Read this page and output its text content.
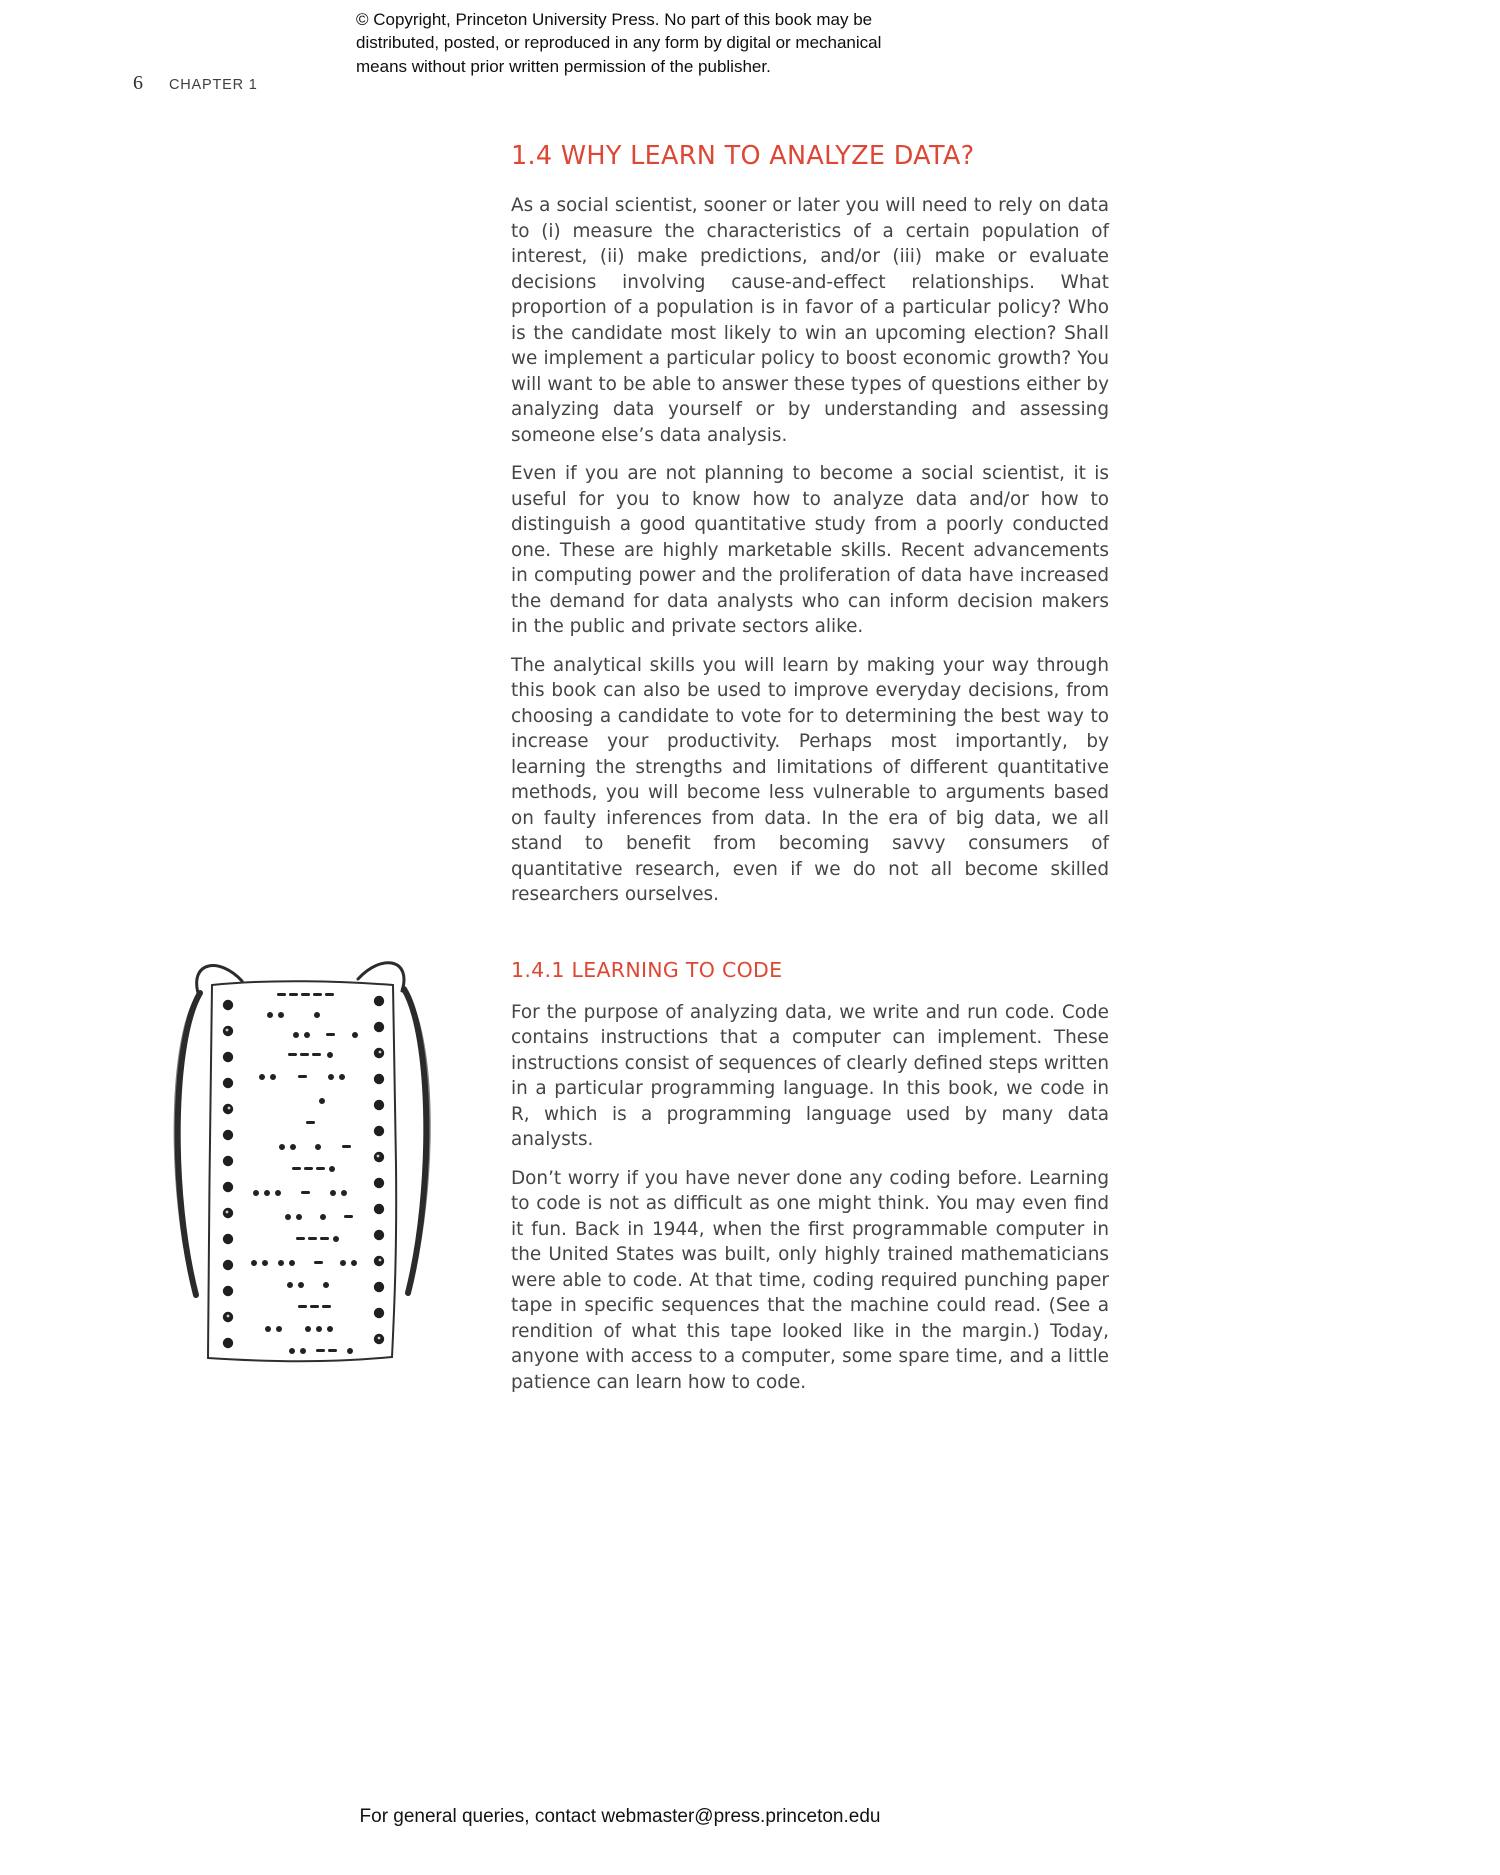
© Copyright, Princeton University Press. No part of this book may be
distributed, posted, or reproduced in any form by digital or mechanical
means without prior written permission of the publisher.
6 CHAPTER 1
1.4 WHY LEARN TO ANALYZE DATA?

As a social scientist, sooner or later you will need to rely on data to (i) measure the characteristics of a certain population of interest, (ii) make predictions, and/or (iii) make or evaluate decisions involving cause-and-effect relationships. What proportion of a population is in favor of a particular policy? Who is the candidate most likely to win an upcoming election? Shall we implement a particular policy to boost economic growth? You will want to be able to answer these types of questions either by analyzing data yourself or by understanding and assessing someone else’s data analysis.

Even if you are not planning to become a social scientist, it is useful for you to know how to analyze data and/or how to distinguish a good quantitative study from a poorly conducted one. These are highly marketable skills. Recent advancements in computing power and the proliferation of data have increased the demand for data analysts who can inform decision makers in the public and private sectors alike.

The analytical skills you will learn by making your way through this book can also be used to improve everyday decisions, from choosing a candidate to vote for to determining the best way to increase your productivity. Perhaps most importantly, by learning the strengths and limitations of different quantitative methods, you will become less vulnerable to arguments based on faulty inferences from data. In the era of big data, we all stand to benefit from becoming savvy consumers of quantitative research, even if we do not all become skilled researchers ourselves.

1.4.1 LEARNING TO CODE

For the purpose of analyzing data, we write and run code. Code contains instructions that a computer can implement. These instructions consist of sequences of clearly defined steps written in a particular programming language. In this book, we code in R, which is a programming language used by many data analysts.

Don’t worry if you have never done any coding before. Learning to code is not as difficult as one might think. You may even find it fun. Back in 1944, when the first programmable computer in the United States was built, only highly trained mathematicians were able to code. At that time, coding required punching paper tape in specific sequences that the machine could read. (See a rendition of what this tape looked like in the margin.) Today, anyone with access to a computer, some spare time, and a little patience can learn how to code.

For general queries, contact webmaster@press.princeton.edu
